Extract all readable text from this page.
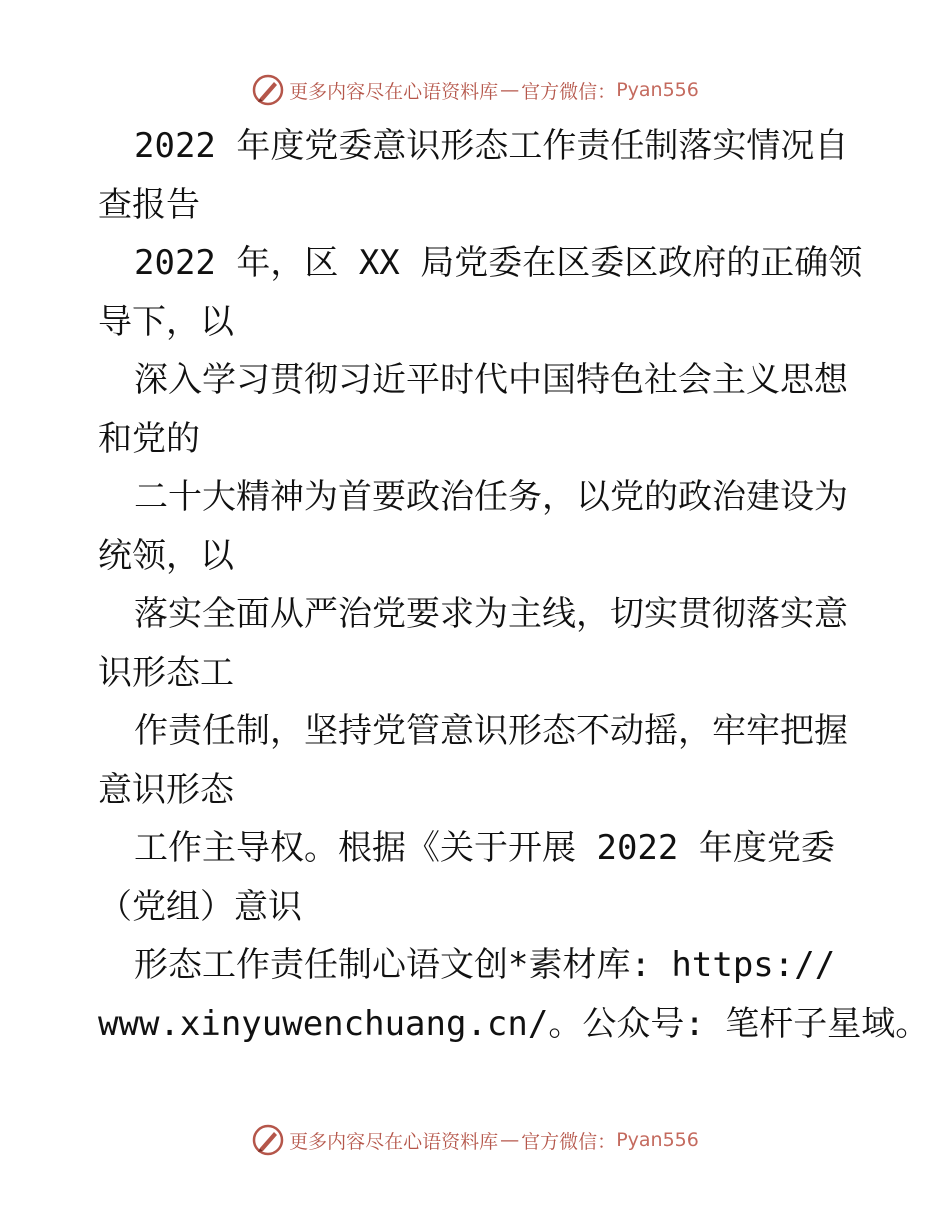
更多内容尽在心语资料库 — 官方微信： Pyan556
2022 年度党委意识形态工作责任制落实情况自
查报告
2022 年，区 XX 局党委在区委区政府的正确领
导下，以
深入学习贯彻习近平时代中国特色社会主义思想
和党的
二十大精神为首要政治任务，以党的政治建设为
统领，以
落实全面从严治党要求为主线，切实贯彻落实意
识形态工
作责任制，坚持党管意识形态不动摇，牢牢把握
意识形态
工作主导权。根据《关于开展 2022 年度党委
（党组）意识
形态工作责任制心语文创*素材库: https://
www.xinyuwenchuang.cn/。公众号: 笔杆子星域。
更多内容尽在心语资料库 — 官方微信： Pyan556
